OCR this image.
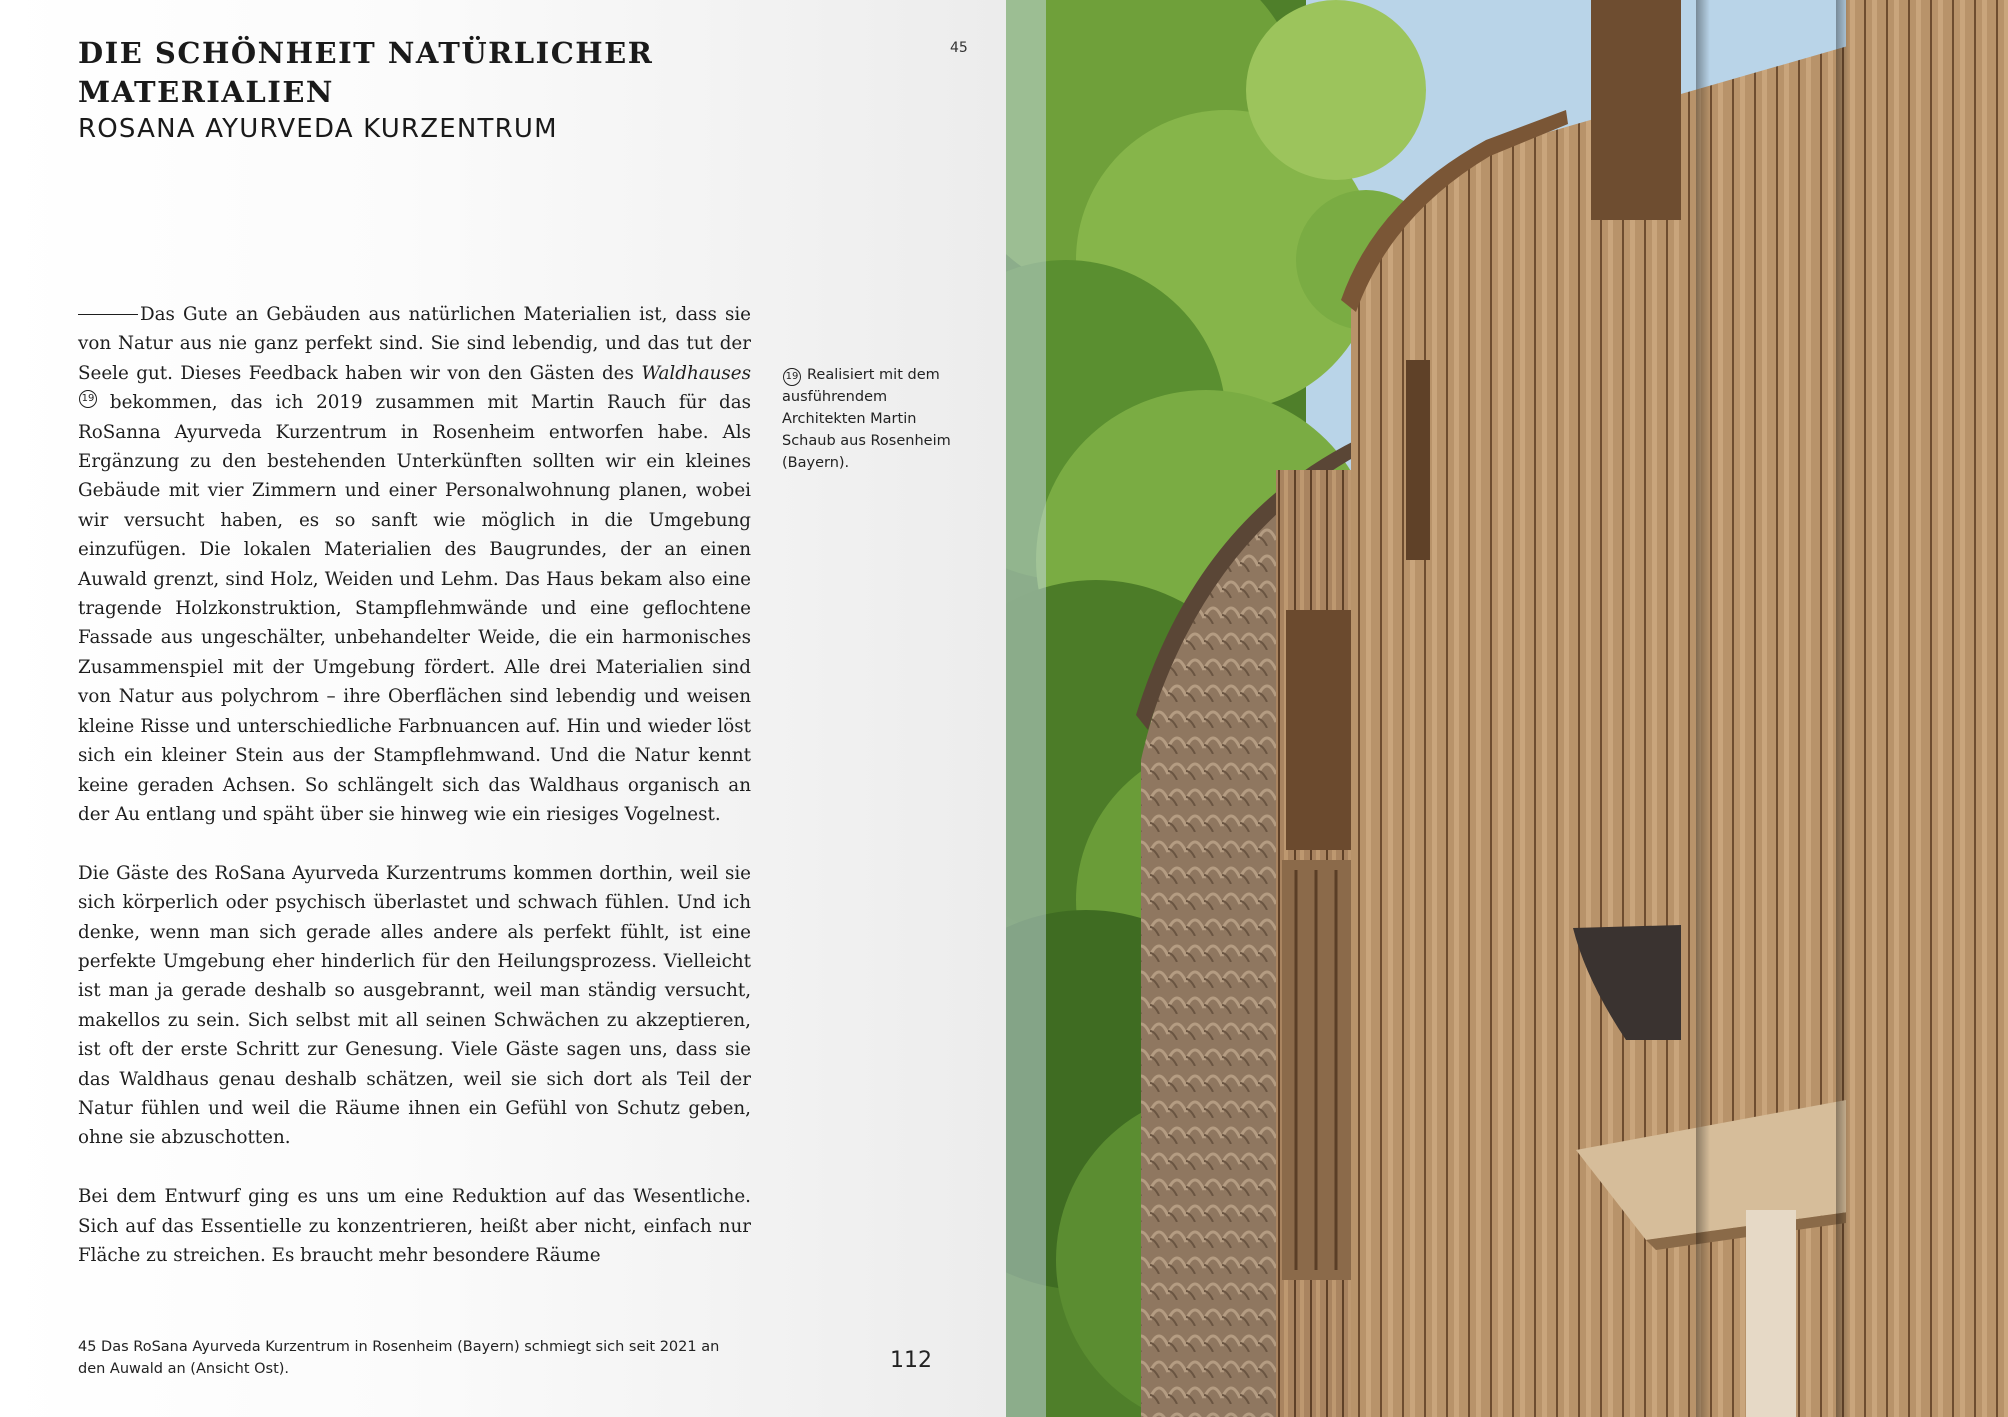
DIE SCHÖNHEIT NATÜRLICHER
MATERIALIEN
ROSANA AYURVEDA KURZENTRUM
45

Das Gute an Gebäuden aus natürlichen Materialien ist, dass sie von Natur aus nie ganz perfekt sind. Sie sind lebendig, und das tut der Seele gut. Dieses Feedback haben wir von den Gästen des Waldhauses19 bekommen, das ich 2019 zusammen mit Martin Rauch für das RoSanna Ayurveda Kurzentrum in Rosenheim entworfen habe. Als Ergänzung zu den bestehenden Unterkünften sollten wir ein kleines Gebäude mit vier Zimmern und einer Personalwohnung planen, wobei wir versucht haben, es so sanft wie möglich in die Umgebung einzufügen. Die lokalen Materialien des Baugrundes, der an einen Auwald grenzt, sind Holz, Weiden und Lehm. Das Haus bekam also eine tragende Holzkonstruktion, Stampflehmwände und eine geflochtene Fassade aus ungeschälter, unbehandelter Weide, die ein harmonisches Zusammenspiel mit der Umgebung fördert. Alle drei Materialien sind von Natur aus polychrom – ihre Oberflächen sind lebendig und weisen kleine Risse und unterschiedliche Farbnuancen auf. Hin und wieder löst sich ein kleiner Stein aus der Stampflehmwand. Und die Natur kennt keine geraden Achsen. So schlängelt sich das Waldhaus organisch an der Au entlang und späht über sie hinweg wie ein riesiges Vogelnest.

Die Gäste des RoSana Ayurveda Kurzentrums kommen dorthin, weil sie sich körperlich oder psychisch überlastet und schwach fühlen. Und ich denke, wenn man sich gerade alles andere als perfekt fühlt, ist eine perfekte Umgebung eher hinderlich für den Heilungsprozess. Vielleicht ist man ja gerade deshalb so ausgebrannt, weil man ständig versucht, makellos zu sein. Sich selbst mit all seinen Schwächen zu akzeptieren, ist oft der erste Schritt zur Genesung. Viele Gäste sagen uns, dass sie das Waldhaus genau deshalb schätzen, weil sie sich dort als Teil der Natur fühlen und weil die Räume ihnen ein Gefühl von Schutz geben, ohne sie abzuschotten.

Bei dem Entwurf ging es uns um eine Reduktion auf das Wesentliche. Sich auf das Essentielle zu konzentrieren, heißt aber nicht, einfach nur Fläche zu streichen. Es braucht mehr besondere Räume

19 Realisiert mit dem ausführendem Architekten Martin Schaub aus Rosenheim (Bayern).
45 Das RoSana Ayurveda Kurzentrum in Rosenheim (Bayern) schmiegt sich seit 2021 an den Auwald an (Ansicht Ost).	112
